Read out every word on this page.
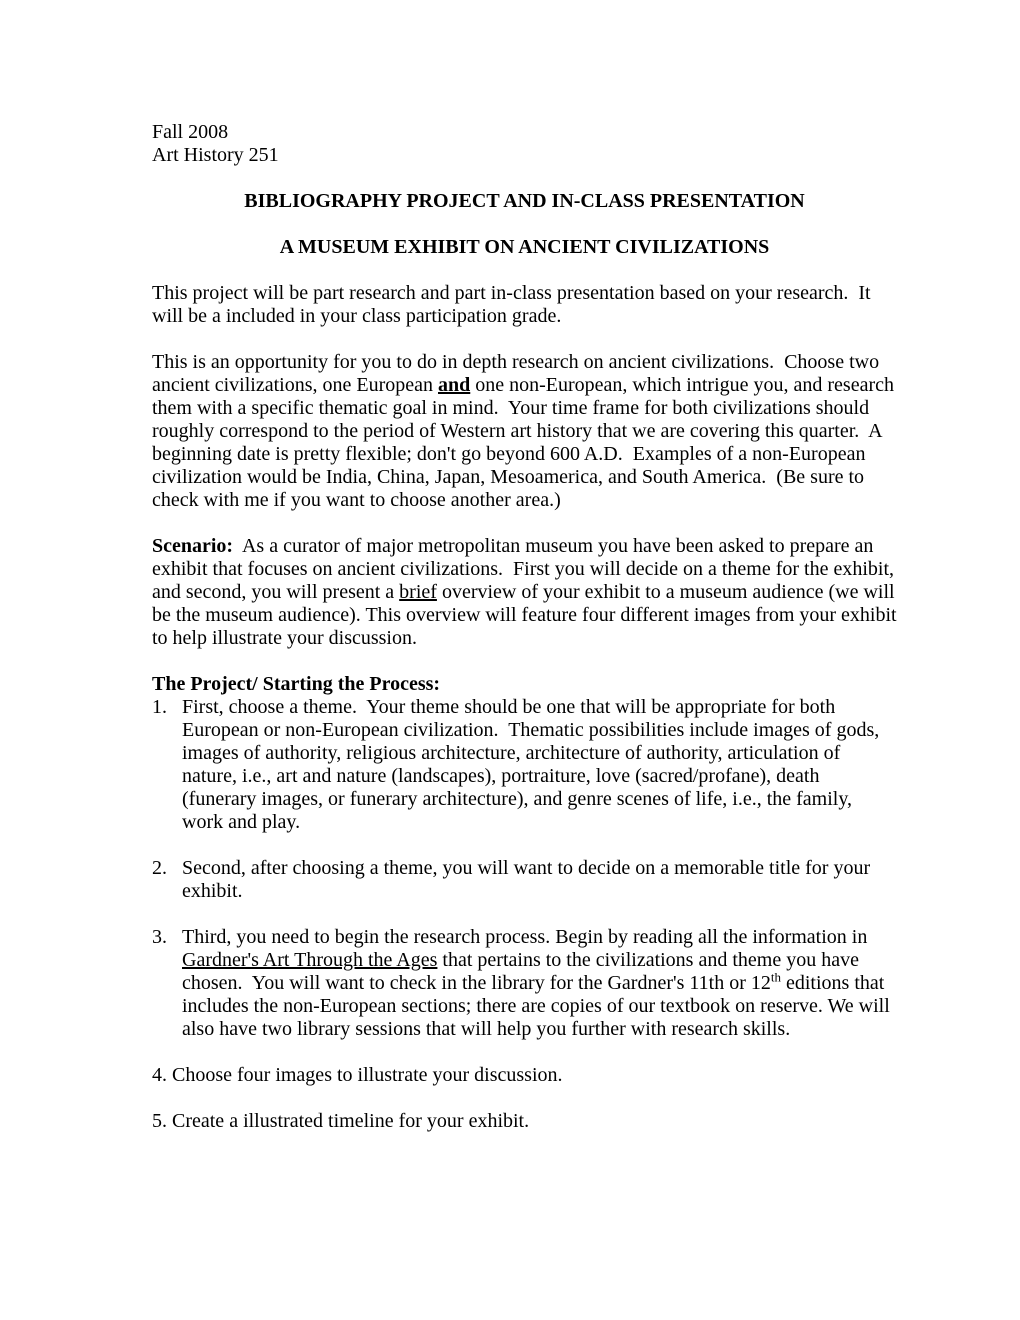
Fall 2008
Art History 251

BIBLIOGRAPHY PROJECT AND IN-CLASS PRESENTATION

A MUSEUM EXHIBIT ON ANCIENT CIVILIZATIONS

This project will be part research and part in-class presentation based on your research.  It will be a included in your class participation grade.

This is an opportunity for you to do in depth research on ancient civilizations.  Choose two ancient civilizations, one European and one non-European, which intrigue you, and research them with a specific thematic goal in mind.  Your time frame for both civilizations should roughly correspond to the period of Western art history that we are covering this quarter.  A beginning date is pretty flexible; don't go beyond 600 A.D.  Examples of a non-European civilization would be India, China, Japan, Mesoamerica, and South America.  (Be sure to check with me if you want to choose another area.)

Scenario:  As a curator of major metropolitan museum you have been asked to prepare an exhibit that focuses on ancient civilizations.  First you will decide on a theme for the exhibit, and second, you will present a brief overview of your exhibit to a museum audience (we will be the museum audience). This overview will feature four different images from your exhibit to help illustrate your discussion.

The Project/ Starting the Process:

1. First, choose a theme.  Your theme should be one that will be appropriate for both European or non-European civilization.  Thematic possibilities include images of gods, images of authority, religious architecture, architecture of authority, articulation of nature, i.e., art and nature (landscapes), portraiture, love (sacred/profane), death (funerary images, or funerary architecture), and genre scenes of life, i.e., the family, work and play.
2. Second, after choosing a theme, you will want to decide on a memorable title for your exhibit.
3. Third, you need to begin the research process. Begin by reading all the information in Gardner's Art Through the Ages that pertains to the civilizations and theme you have chosen.  You will want to check in the library for the Gardner's 11th or 12th editions that includes the non-European sections; there are copies of our textbook on reserve. We will also have two library sessions that will help you further with research skills.

4. Choose four images to illustrate your discussion.

5. Create a illustrated timeline for your exhibit.
